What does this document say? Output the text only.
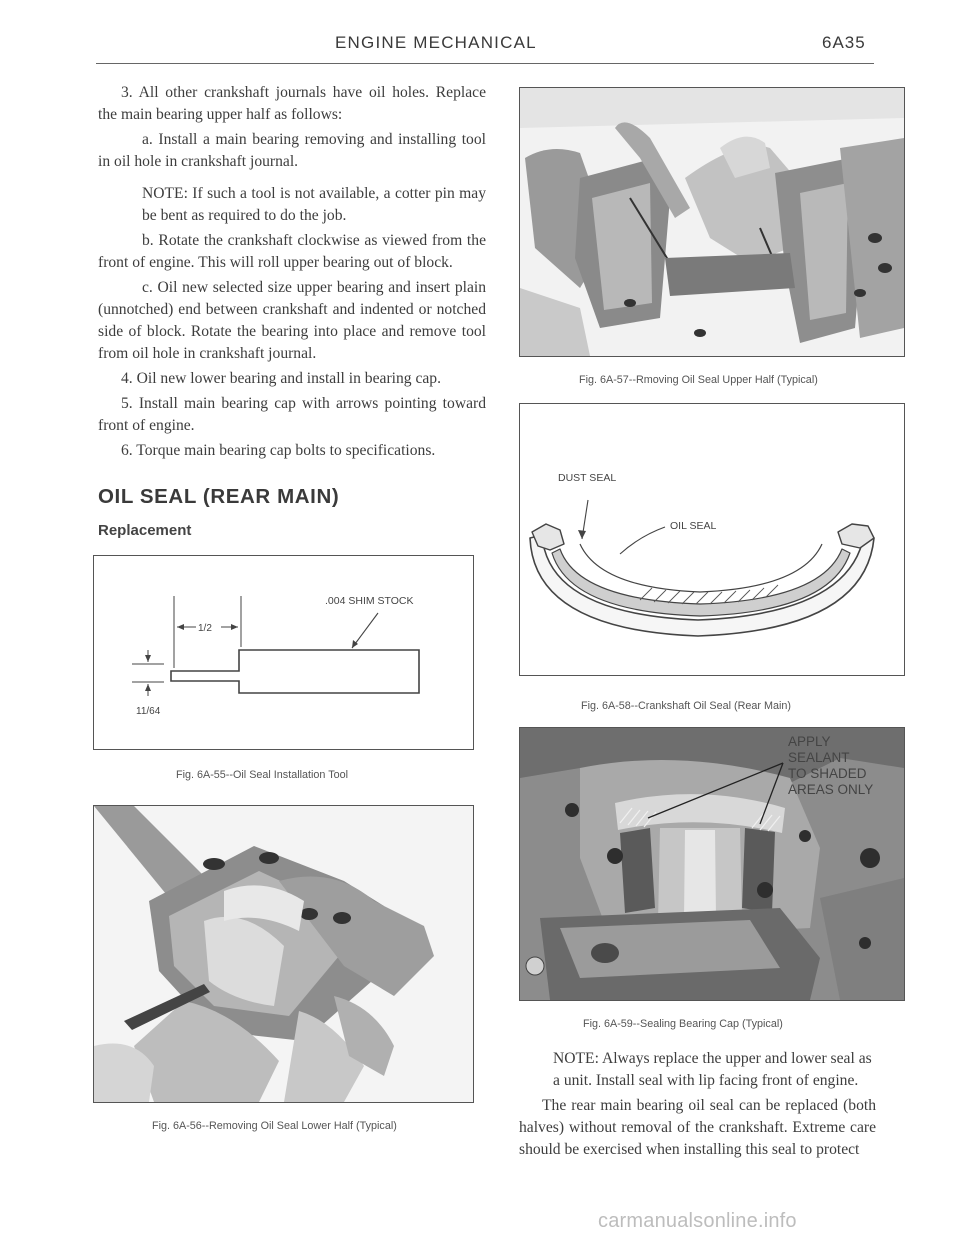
ENGINE MECHANICAL	6A35

3. All other crankshaft journals have oil holes. Replace the main bearing upper half as follows:

a. Install a main bearing removing and installing tool in oil hole in crankshaft journal.

NOTE: If such a tool is not available, a cotter pin may be bent as required to do the job.

b. Rotate the crankshaft clockwise as viewed from the front of engine. This will roll upper bearing out of block.

c. Oil new selected size upper bearing and insert plain (unnotched) end between crankshaft and indented or notched side of block. Rotate the bearing into place and remove tool from oil hole in crankshaft journal.

4. Oil new lower bearing and install in bearing cap.

5. Install main bearing cap with arrows pointing toward front of engine.

6. Torque main bearing cap bolts to specifications.

OIL SEAL (REAR MAIN)
Replacement
.004 SHIM STOCK
1/2
11/64
Fig. 6A-55--Oil Seal Installation Tool
Fig. 6A-56--Removing Oil Seal Lower Half (Typical)
Fig. 6A-57--Rmoving Oil Seal Upper Half (Typical)
DUST SEAL
OIL SEAL
Fig. 6A-58--Crankshaft Oil Seal (Rear Main)
APPLY SEALANT TO SHADED AREAS ONLY
Fig. 6A-59--Sealing Bearing Cap (Typical)

NOTE: Always replace the upper and lower seal as a unit. Install seal with lip facing front of engine.

The rear main bearing oil seal can be replaced (both halves) without removal of the crankshaft. Extreme care should be exercised when installing this seal to protect

carmanualsonline.info
